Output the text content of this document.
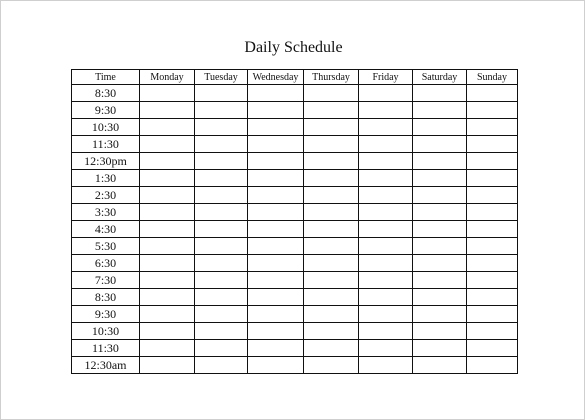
Daily Schedule
Time	Monday	Tuesday	Wednesday	Thursday	Friday	Saturday	Sunday
8:30							
9:30							
10:30							
11:30							
12:30pm							
1:30							
2:30							
3:30							
4:30							
5:30							
6:30							
7:30							
8:30							
9:30							
10:30							
11:30							
12:30am							
